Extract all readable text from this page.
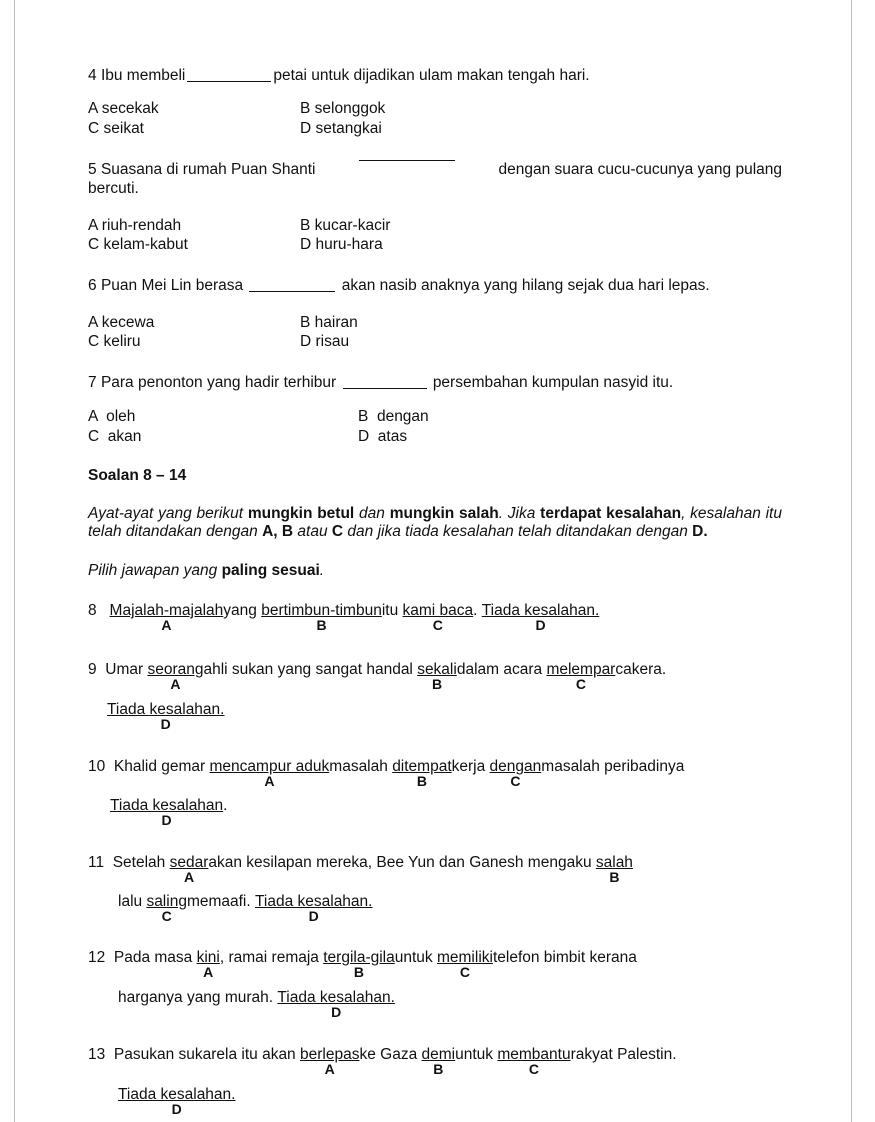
4 Ibu membeli	petai untuk dijadikan ulam makan tengah hari.
A secekak	B selonggok
C seikat	D setangkai
5 Suasana di rumah Puan Shanti	dengan suara cucu-cucunya yang pulang
bercuti.
A riuh-rendah	B kucar-kacir
C kelam-kabut	D huru-hara
6 Puan Mei Lin berasa	akan nasib anaknya yang hilang sejak dua hari lepas.
A kecewa	B hairan
C keliru	D risau
7 Para penonton yang hadir terhibur	persembahan kumpulan nasyid itu.
A  oleh	B  dengan
C  akan	D  atas
Soalan 8 – 14
Ayat-ayat yang berikut mungkin betul dan mungkin salah. Jika terdapat kesalahan, kesalahan itu telah ditandakan dengan A, B atau C dan jika tiada kesalahan telah ditandakan dengan D.
Pilih jawapan yang paling sesuai.
8 Majalah-majalah
A
yang bertimbun-timbun
B
itu kami baca
C
. Tiada kesalahan.
D
9 Umar seorang
A
ahli sukan yang sangat handal sekali
B
dalam acara melempar
C
cakera.
Tiada kesalahan.
D
10 Khalid gemar mencampur aduk
A
masalah ditempat
B
kerja dengan
C
masalah peribadinya
Tiada kesalahan
D
.
11 Setelah sedar
A
akan kesilapan mereka, Bee Yun dan Ganesh mengaku salah
B
lalu saling
C
memaafi. Tiada kesalahan.
D
12 Pada masa kini
A
, ramai remaja tergila-gila
B
untuk memiliki
C
telefon bimbit kerana
harganya yang murah. Tiada kesalahan.
D
13 Pasukan sukarela itu akan berlepas
A
ke Gaza demi
B
untuk membantu
C
rakyat Palestin.
Tiada kesalahan.
D
